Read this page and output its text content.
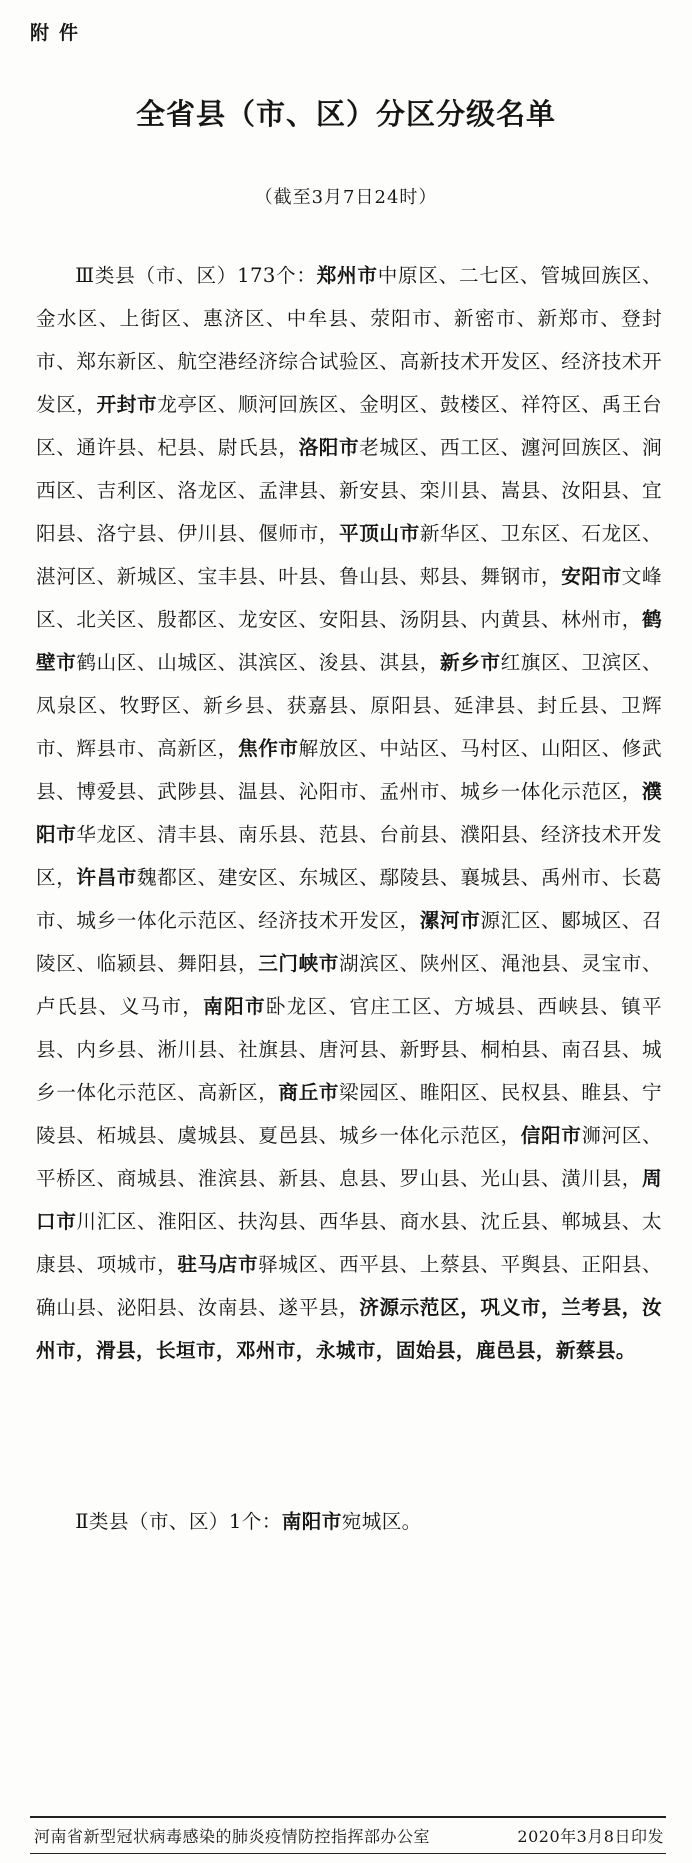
附件
全省县（市、区）分区分级名单
（截至3月7日24时）
Ⅲ类县（市、区）173个：郑州市中原区、二七区、管城回族区、金水区、上街区、惠济区、中牟县、荥阳市、新密市、新郑市、登封市、郑东新区、航空港经济综合试验区、高新技术开发区、经济技术开发区，开封市龙亭区、顺河回族区、金明区、鼓楼区、祥符区、禹王台区、通许县、杞县、尉氏县，洛阳市老城区、西工区、瀍河回族区、涧西区、吉利区、洛龙区、孟津县、新安县、栾川县、嵩县、汝阳县、宜阳县、洛宁县、伊川县、偃师市，平顶山市新华区、卫东区、石龙区、湛河区、新城区、宝丰县、叶县、鲁山县、郏县、舞钢市，安阳市文峰区、北关区、殷都区、龙安区、安阳县、汤阴县、内黄县、林州市，鹤壁市鹤山区、山城区、淇滨区、浚县、淇县，新乡市红旗区、卫滨区、凤泉区、牧野区、新乡县、获嘉县、原阳县、延津县、封丘县、卫辉市、辉县市、高新区，焦作市解放区、中站区、马村区、山阳区、修武县、博爱县、武陟县、温县、沁阳市、孟州市、城乡一体化示范区，濮阳市华龙区、清丰县、南乐县、范县、台前县、濮阳县、经济技术开发区，许昌市魏都区、建安区、东城区、鄢陵县、襄城县、禹州市、长葛市、城乡一体化示范区、经济技术开发区，漯河市源汇区、郾城区、召陵区、临颍县、舞阳县，三门峡市湖滨区、陕州区、渑池县、灵宝市、卢氏县、义马市，南阳市卧龙区、官庄工区、方城县、西峡县、镇平县、内乡县、淅川县、社旗县、唐河县、新野县、桐柏县、南召县、城乡一体化示范区、高新区，商丘市梁园区、睢阳区、民权县、睢县、宁陵县、柘城县、虞城县、夏邑县、城乡一体化示范区，信阳市浉河区、平桥区、商城县、淮滨县、新县、息县、罗山县、光山县、潢川县，周口市川汇区、淮阳区、扶沟县、西华县、商水县、沈丘县、郸城县、太康县、项城市，驻马店市驿城区、西平县、上蔡县、平舆县、正阳县、确山县、泌阳县、汝南县、遂平县，济源示范区，巩义市，兰考县，汝州市，滑县，长垣市，邓州市，永城市，固始县，鹿邑县，新蔡县。
Ⅱ类县（市、区）1个：南阳市宛城区。
河南省新型冠状病毒感染的肺炎疫情防控指挥部办公室	2020年3月8日印发
